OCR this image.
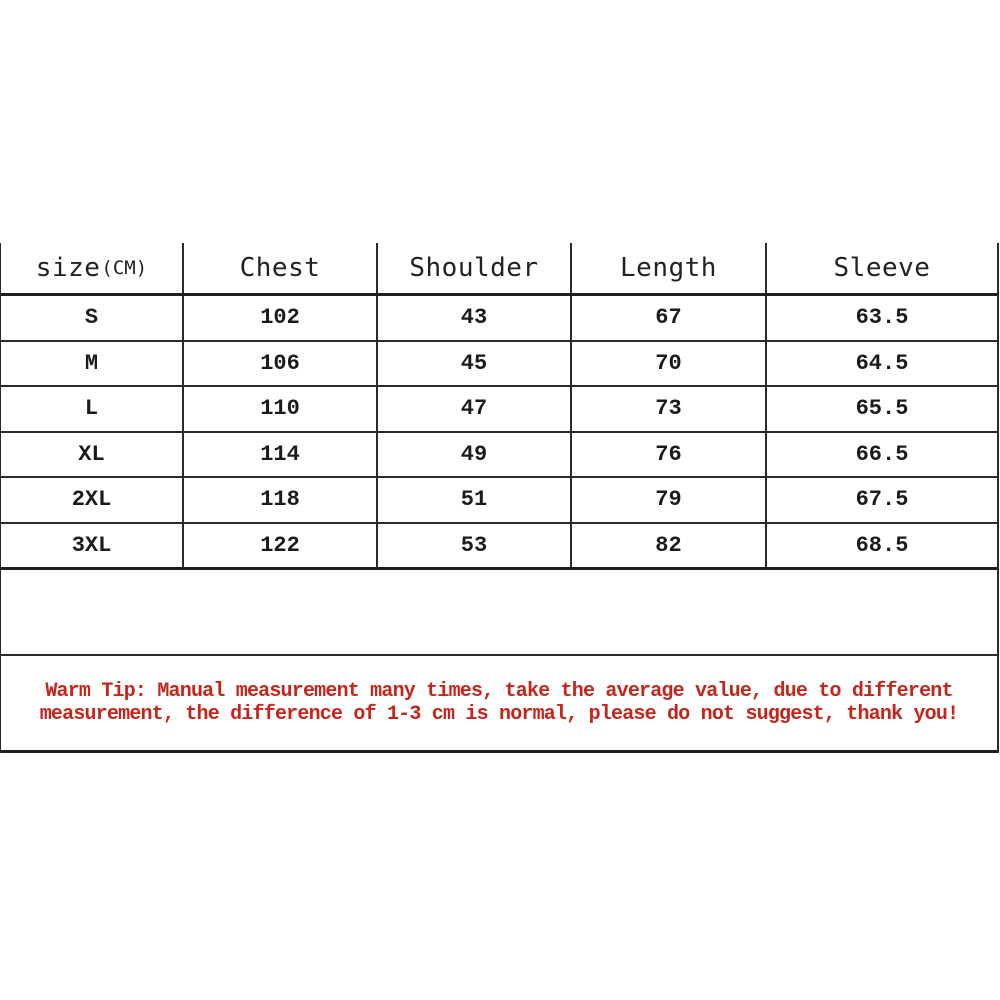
size (CM)	Chest	Shoulder	Length	Sleeve
S	102	43	67	63.5
M	106	45	70	64.5
L	110	47	73	65.5
XL	114	49	76	66.5
2XL	118	51	79	67.5
3XL	122	53	82	68.5
Warm Tip: Manual measurement many times, take the average value, due to different
measurement, the difference of 1-3 cm is normal, please do not suggest, thank you!
